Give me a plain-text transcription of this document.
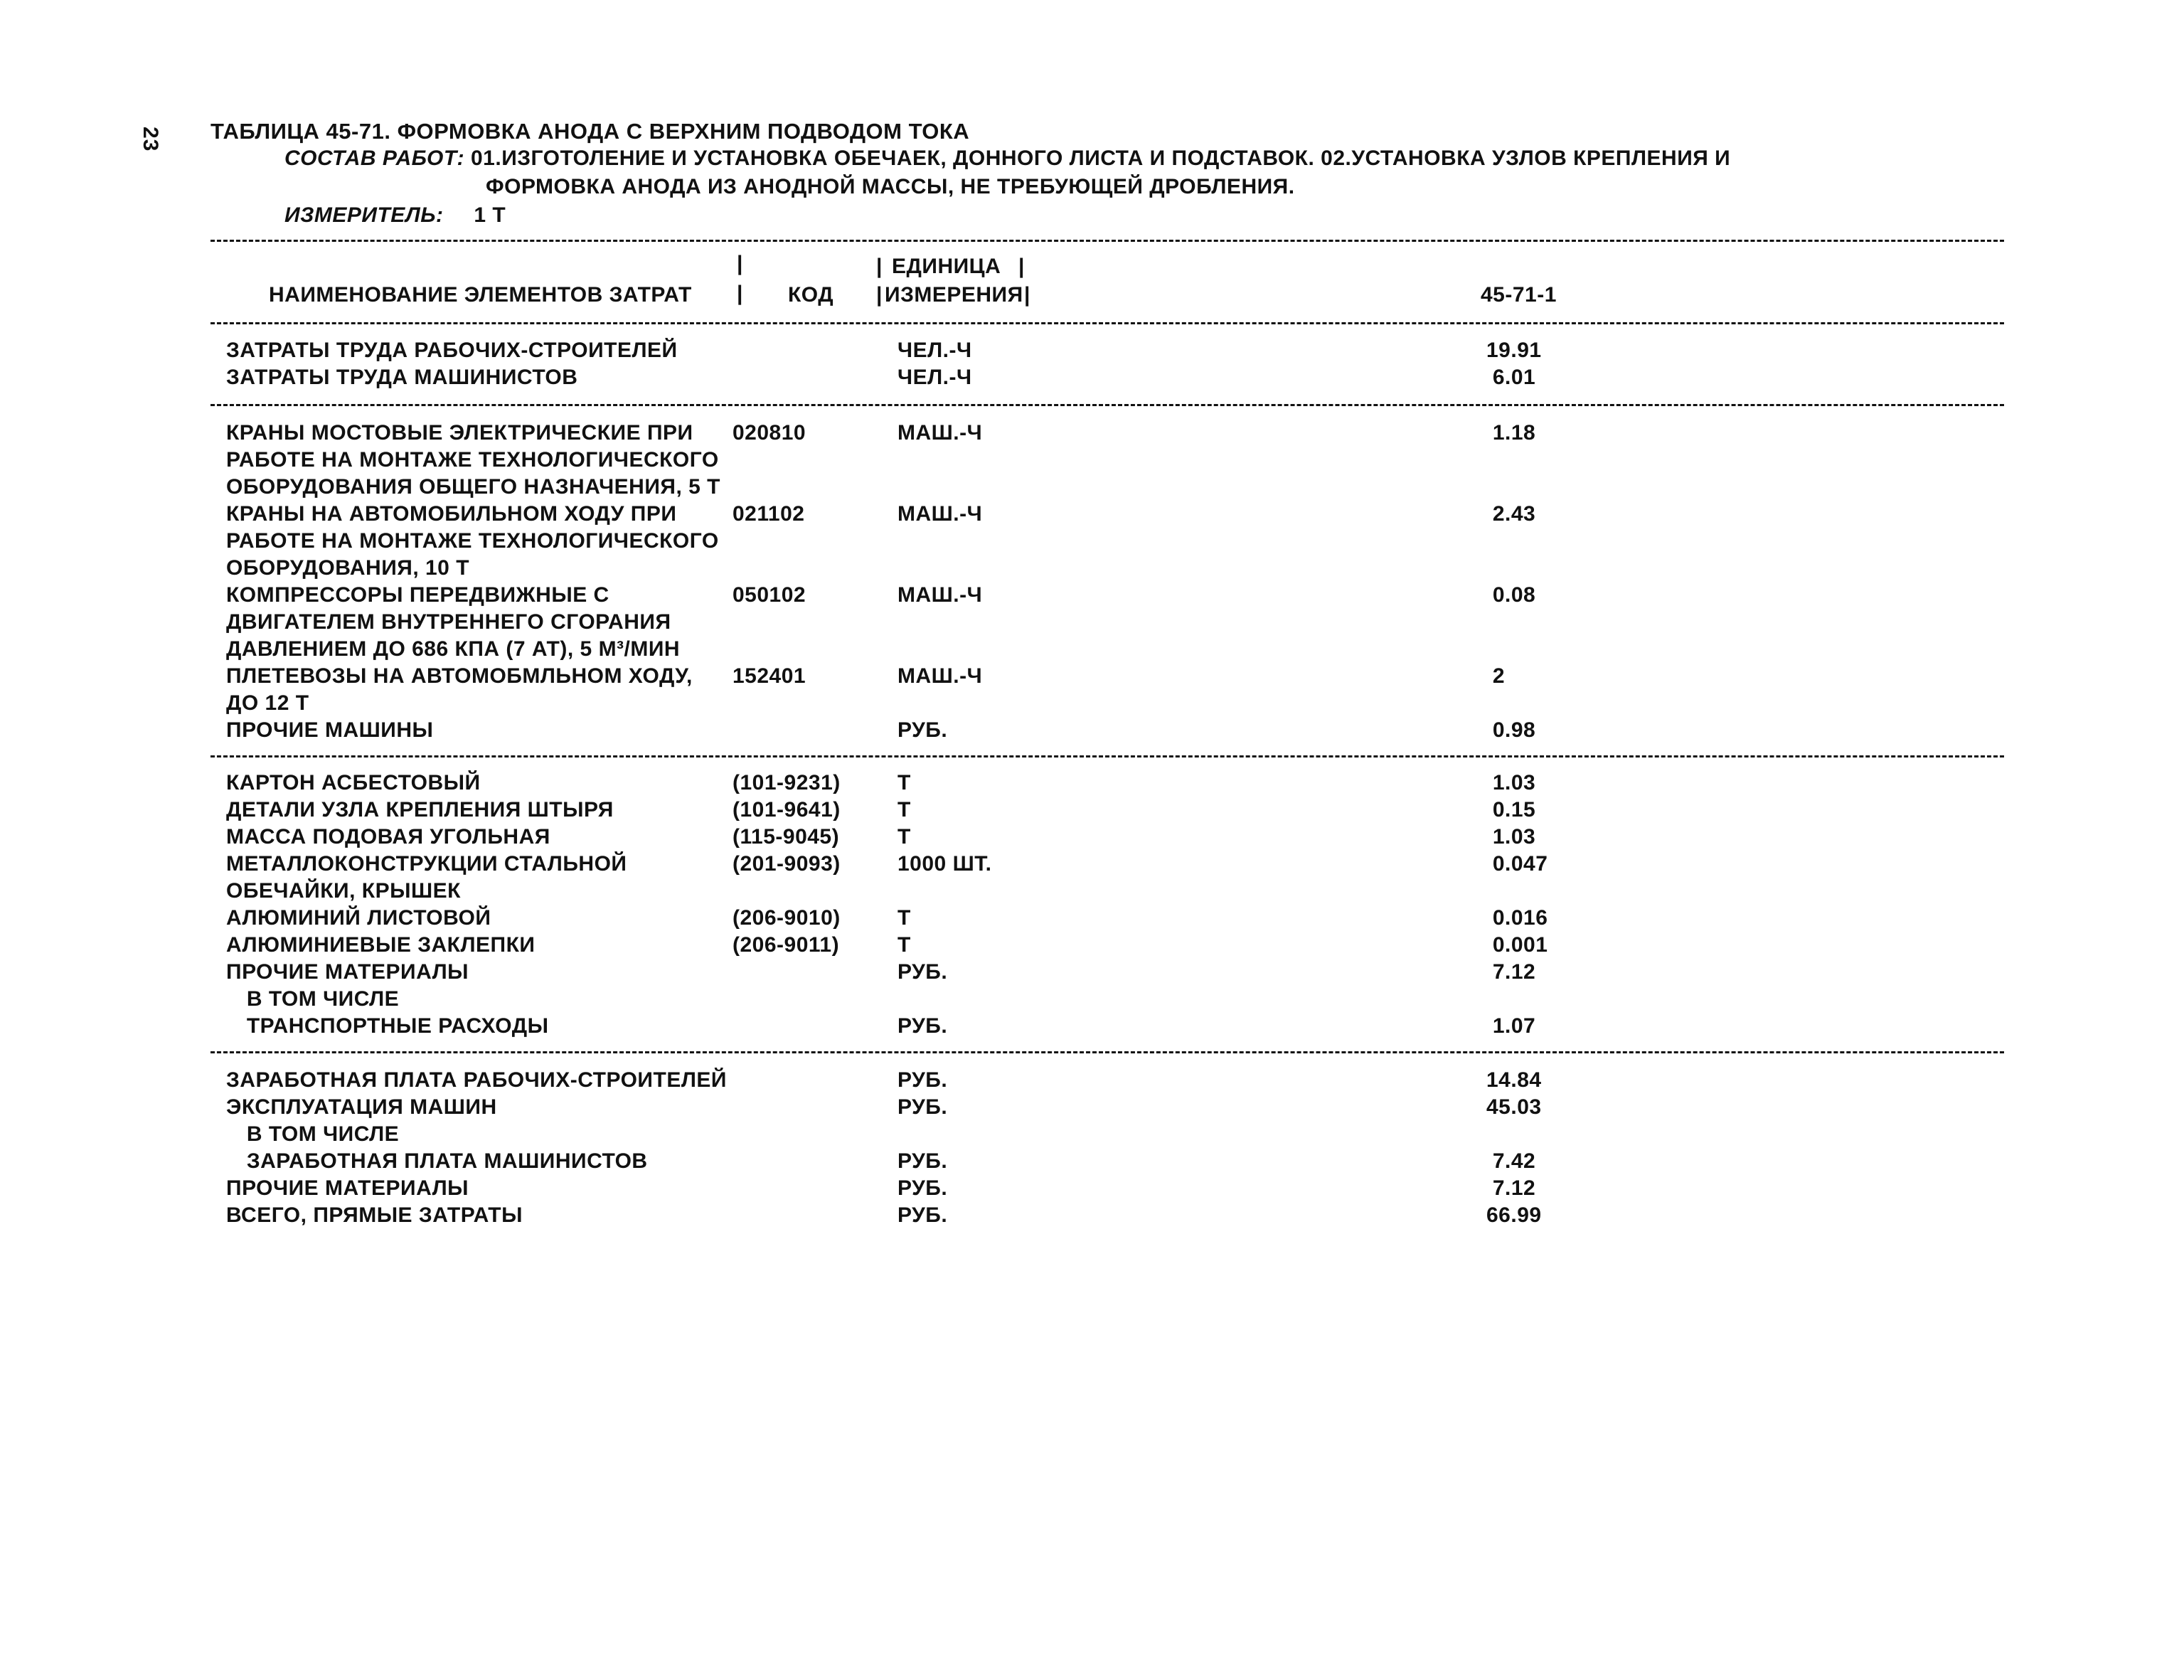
23 ТАБЛИЦА 45-71. ФОРМОВКА АНОДА С ВЕРХНИМ ПОДВОДОМ ТОКА
СОСТАВ РАБОТ: 01.ИЗГОТОЛЕНИЕ И УСТАНОВКА ОБЕЧАЕК, ДОННОГО ЛИСТА И ПОДСТАВОК. 02.УСТАНОВКА УЗЛОВ КРЕПЛЕНИЯ И
ФОРМОВКА АНОДА ИЗ АНОДНОЙ МАССЫ, НЕ ТРЕБУЮЩЕЙ ДРОБЛЕНИЯ.
ИЗМЕРИТЕЛЬ: 1 Т
|	| ЕДИНИЦА |
НАИМЕНОВАНИЕ ЭЛЕМЕНТОВ ЗАТРАТ | КОД | ИЗМЕРЕНИЯ |	45-71-1
ЗАТРАТЫ ТРУДА РАБОЧИХ-СТРОИТЕЛЕЙ	ЧЕЛ.-Ч	19.91
ЗАТРАТЫ ТРУДА МАШИНИСТОВ	ЧЕЛ.-Ч	6.01
КРАНЫ МОСТОВЫЕ ЭЛЕКТРИЧЕСКИЕ ПРИ 020810	МАШ.-Ч	1.18
РАБОТЕ НА МОНТАЖЕ ТЕХНОЛОГИЧЕСКОГО
ОБОРУДОВАНИЯ ОБЩЕГО НАЗНАЧЕНИЯ, 5 Т
КРАНЫ НА АВТОМОБИЛЬНОМ ХОДУ ПРИ	021102	МАШ.-Ч	2.43
РАБОТЕ НА МОНТАЖЕ ТЕХНОЛОГИЧЕСКОГО
ОБОРУДОВАНИЯ, 10 Т
КОМПРЕССОРЫ ПЕРЕДВИЖНЫЕ С	050102	МАШ.-Ч	0.08
ДВИГАТЕЛЕМ ВНУТРЕННЕГО СГОРАНИЯ
ДАВЛЕНИЕМ ДО 686 КПА (7 АТ), 5 М³/МИН
ПЛЕТЕВОЗЫ НА АВТОМОБМЛЬНОМ ХОДУ, 152401	МАШ.-Ч	2
ДО 12 Т
ПРОЧИЕ МАШИНЫ	РУБ.	0.98
КАРТОН АСБЕСТОВЫЙ	(101-9231)	Т	1.03
ДЕТАЛИ УЗЛА КРЕПЛЕНИЯ ШТЫРЯ	(101-9641)	Т	0.15
МАССА ПОДОВАЯ УГОЛЬНАЯ	(115-9045)	Т	1.03
МЕТАЛЛОКОНСТРУКЦИИ СТАЛЬНОЙ	(201-9093)	1000 ШТ.	0.047
ОБЕЧАЙКИ, КРЫШЕК
АЛЮМИНИЙ ЛИСТОВОЙ	(206-9010)	Т	0.016
АЛЮМИНИЕВЫЕ ЗАКЛЕПКИ	(206-9011)	Т	0.001
ПРОЧИЕ МАТЕРИАЛЫ	РУБ.	7.12
В ТОМ ЧИСЛЕ
ТРАНСПОРТНЫЕ РАСХОДЫ	РУБ.	1.07
ЗАРАБОТНАЯ ПЛАТА РАБОЧИХ-СТРОИТЕЛЕЙ	РУБ.	14.84
ЭКСПЛУАТАЦИЯ МАШИН	РУБ.	45.03
В ТОМ ЧИСЛЕ
ЗАРАБОТНАЯ ПЛАТА МАШИНИСТОВ	РУБ.	7.42
ПРОЧИЕ МАТЕРИАЛЫ	РУБ.	7.12
ВСЕГО, ПРЯМЫЕ ЗАТРАТЫ	РУБ.	66.99
